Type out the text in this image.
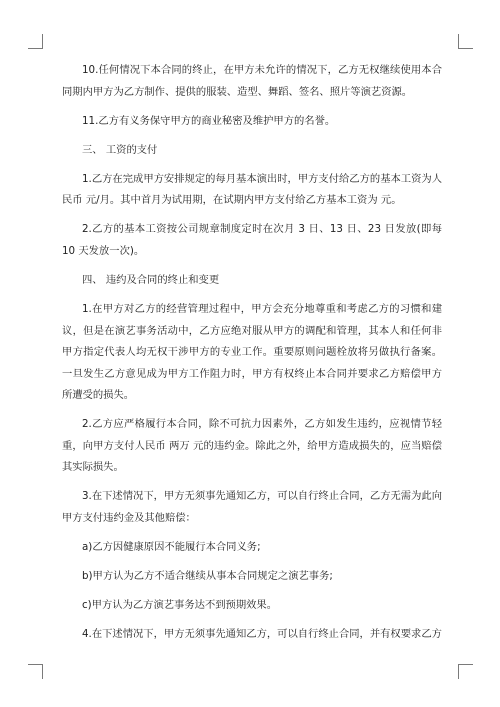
10.任何情况下本合同的终止，在甲方未允许的情况下，乙方无权继续使用本合同期内甲方为乙方制作、提供的服装、造型、舞蹈、签名、照片等演艺资源。

11.乙方有义务保守甲方的商业秘密及维护甲方的名誉。

三、 工资的支付

1.乙方在完成甲方安排规定的每月基本演出时，甲方支付给乙方的基本工资为人民币 元/月。其中首月为试用期，在试期内甲方支付给乙方基本工资为 元。

2.乙方的基本工资按公司规章制度定时在次月 3 日、13 日、23 日发放(即每 10 天发放一次)。

四、 违约及合同的终止和变更

1.在甲方对乙方的经营管理过程中，甲方会充分地尊重和考虑乙方的习惯和建议，但是在演艺事务活动中，乙方应绝对服从甲方的调配和管理，其本人和任何非甲方指定代表人均无权干涉甲方的专业工作。重要原则问题栓放将另做执行备案。一旦发生乙方意见成为甲方工作阻力时，甲方有权终止本合同并要求乙方赔偿甲方所遭受的损失。

2.乙方应严格履行本合同，除不可抗力因素外，乙方如发生违约，应视情节轻重，向甲方支付人民币 两万 元的违约金。除此之外，给甲方造成损失的，应当赔偿其实际损失。

3.在下述情况下，甲方无须事先通知乙方，可以自行终止合同，乙方无需为此向甲方支付违约金及其他赔偿：

a)乙方因健康原因不能履行本合同义务;

b)甲方认为乙方不适合继续从事本合同规定之演艺事务;

c)甲方认为乙方演艺事务达不到预期效果。

4.在下述情况下，甲方无须事先通知乙方，可以自行终止合同，并有权要求乙方
